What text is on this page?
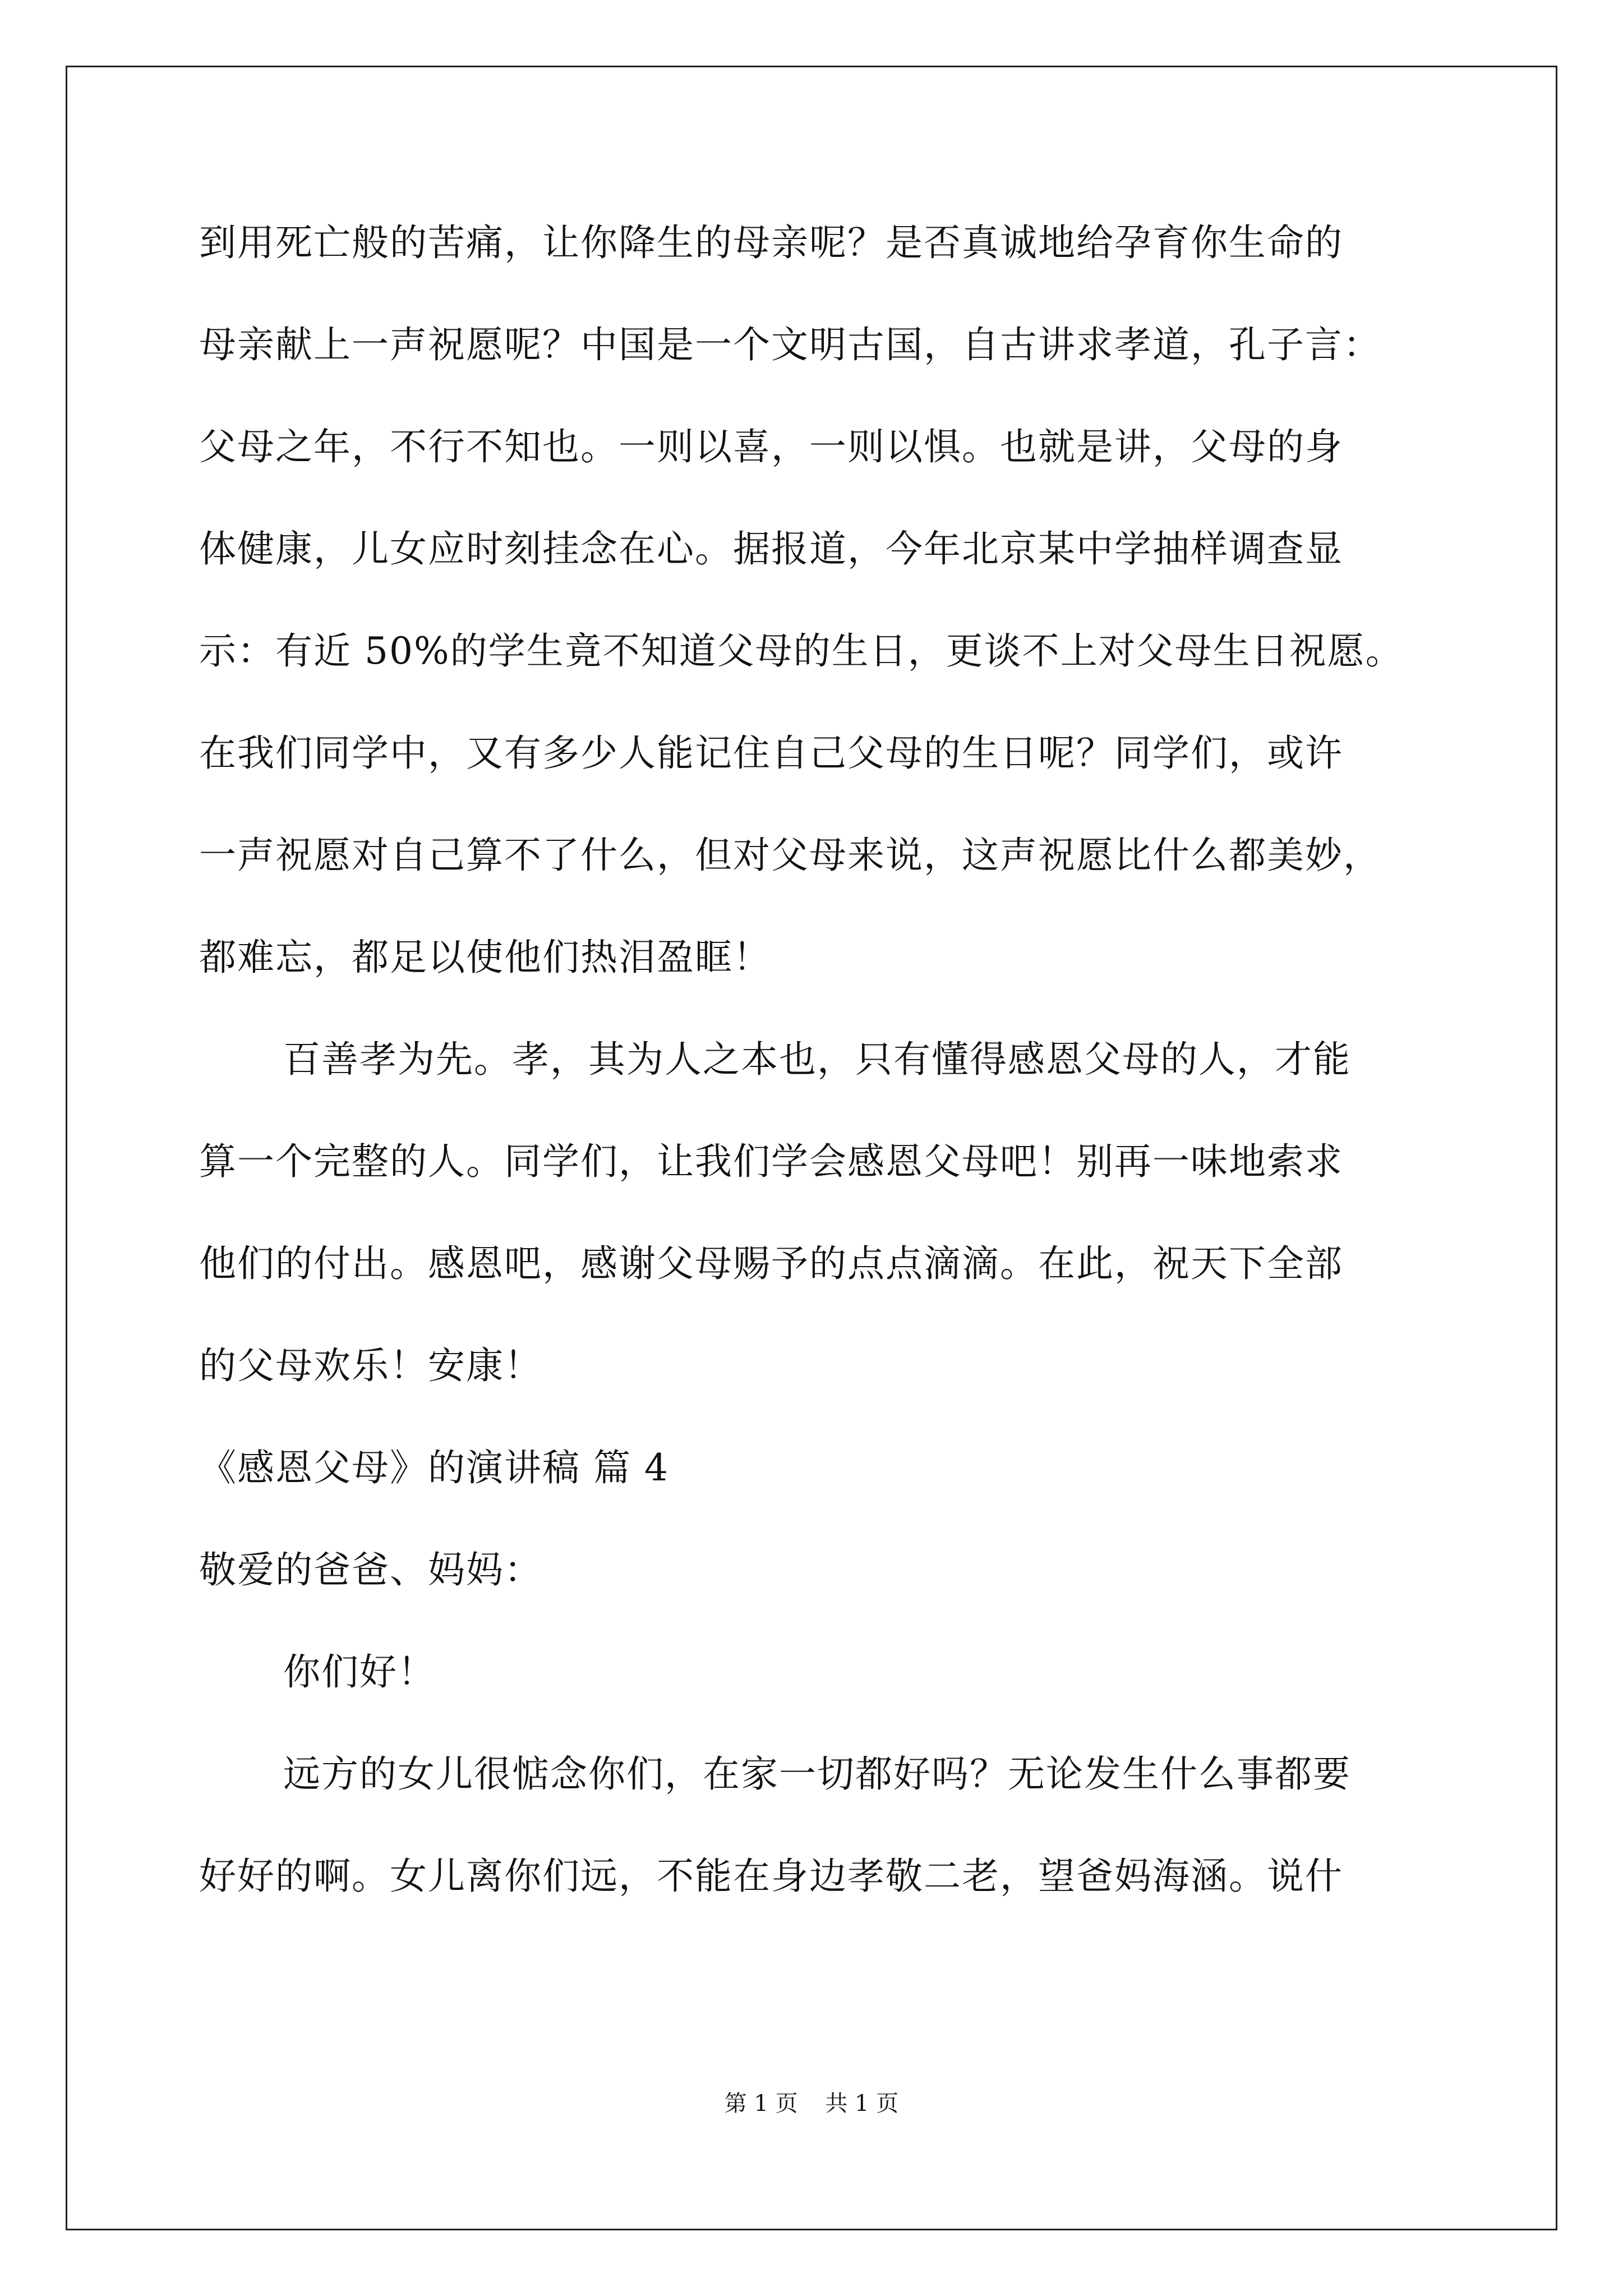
到用死亡般的苦痛，让你降生的母亲呢？是否真诚地给孕育你生命的
母亲献上一声祝愿呢？中国是一个文明古国，自古讲求孝道，孔子言：
父母之年，不行不知也。一则以喜，一则以惧。也就是讲，父母的身
体健康，儿女应时刻挂念在心。据报道，今年北京某中学抽样调查显
示：有近 50%的学生竟不知道父母的生日，更谈不上对父母生日祝愿。
在我们同学中，又有多少人能记住自己父母的生日呢？同学们，或许
一声祝愿对自己算不了什么，但对父母来说，这声祝愿比什么都美妙，
都难忘，都足以使他们热泪盈眶！
百善孝为先。孝，其为人之本也，只有懂得感恩父母的人，才能
算一个完整的人。同学们，让我们学会感恩父母吧！别再一味地索求
他们的付出。感恩吧，感谢父母赐予的点点滴滴。在此，祝天下全部
的父母欢乐！安康！
《感恩父母》的演讲稿 篇 4
敬爱的爸爸、妈妈：
你们好！
远方的女儿很惦念你们，在家一切都好吗？无论发生什么事都要
好好的啊。女儿离你们远，不能在身边孝敬二老，望爸妈海涵。说什
第 1 页 共 1 页
